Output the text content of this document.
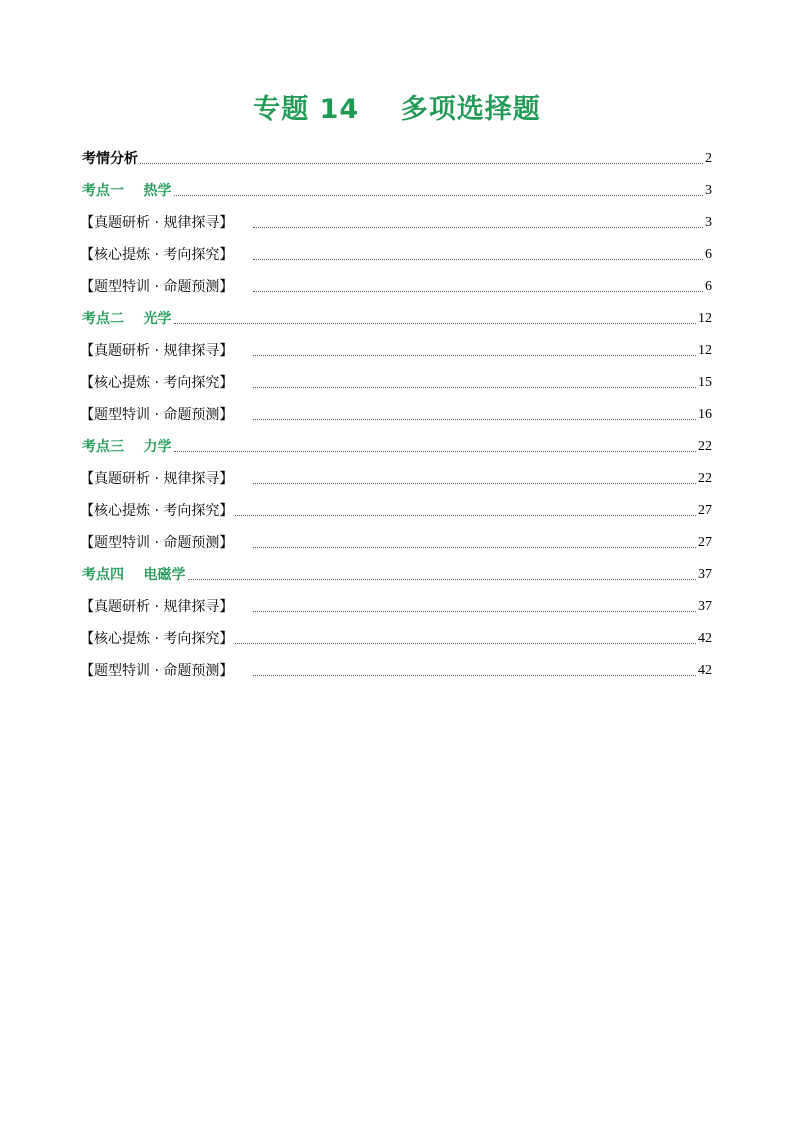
专题 14    多项选择题
考情分析	2
考点一    热学	3
【真题研析 · 规律探寻】	3
【核心提炼 · 考向探究】	6
【题型特训 · 命题预测】	6
考点二    光学	12
【真题研析 · 规律探寻】	12
【核心提炼 · 考向探究】	15
【题型特训 · 命题预测】	16
考点三    力学	22
【真题研析 · 规律探寻】	22
【核心提炼 · 考向探究】	27
【题型特训 · 命题预测】	27
考点四    电磁学	37
【真题研析 · 规律探寻】	37
【核心提炼 · 考向探究】	42
【题型特训 · 命题预测】	42
